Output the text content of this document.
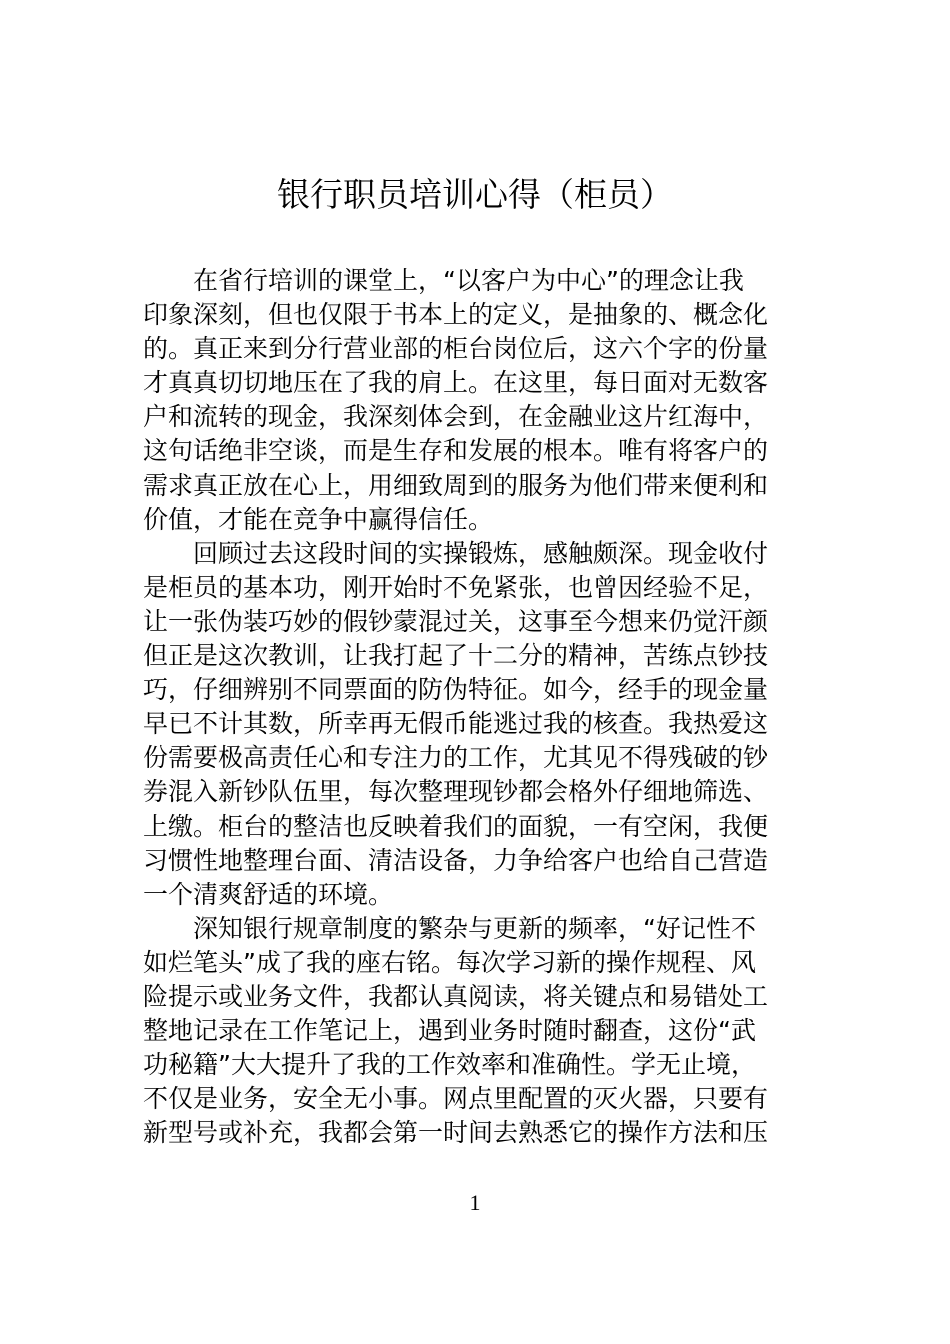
银行职员培训心得（柜员）

在省行培训的课堂上，“以客户为中心”的理念让我
印象深刻，但也仅限于书本上的定义，是抽象的、概念化
的。真正来到分行营业部的柜台岗位后，这六个字的份量
才真真切切地压在了我的肩上。在这里，每日面对无数客
户和流转的现金，我深刻体会到，在金融业这片红海中，
这句话绝非空谈，而是生存和发展的根本。唯有将客户的
需求真正放在心上，用细致周到的服务为他们带来便利和
价值，才能在竞争中赢得信任。

回顾过去这段时间的实操锻炼，感触颇深。现金收付
是柜员的基本功，刚开始时不免紧张，也曾因经验不足，
让一张伪装巧妙的假钞蒙混过关，这事至今想来仍觉汗颜
但正是这次教训，让我打起了十二分的精神，苦练点钞技
巧，仔细辨别不同票面的防伪特征。如今，经手的现金量
早已不计其数，所幸再无假币能逃过我的核查。我热爱这
份需要极高责任心和专注力的工作，尤其见不得残破的钞
券混入新钞队伍里，每次整理现钞都会格外仔细地筛选、
上缴。柜台的整洁也反映着我们的面貌，一有空闲，我便
习惯性地整理台面、清洁设备，力争给客户也给自己营造
一个清爽舒适的环境。

深知银行规章制度的繁杂与更新的频率，“好记性不
如烂笔头”成了我的座右铭。每次学习新的操作规程、风
险提示或业务文件，我都认真阅读，将关键点和易错处工
整地记录在工作笔记上，遇到业务时随时翻查，这份“武
功秘籍”大大提升了我的工作效率和准确性。学无止境，
不仅是业务，安全无小事。网点里配置的灭火器，只要有
新型号或补充，我都会第一时间去熟悉它的操作方法和压

1
